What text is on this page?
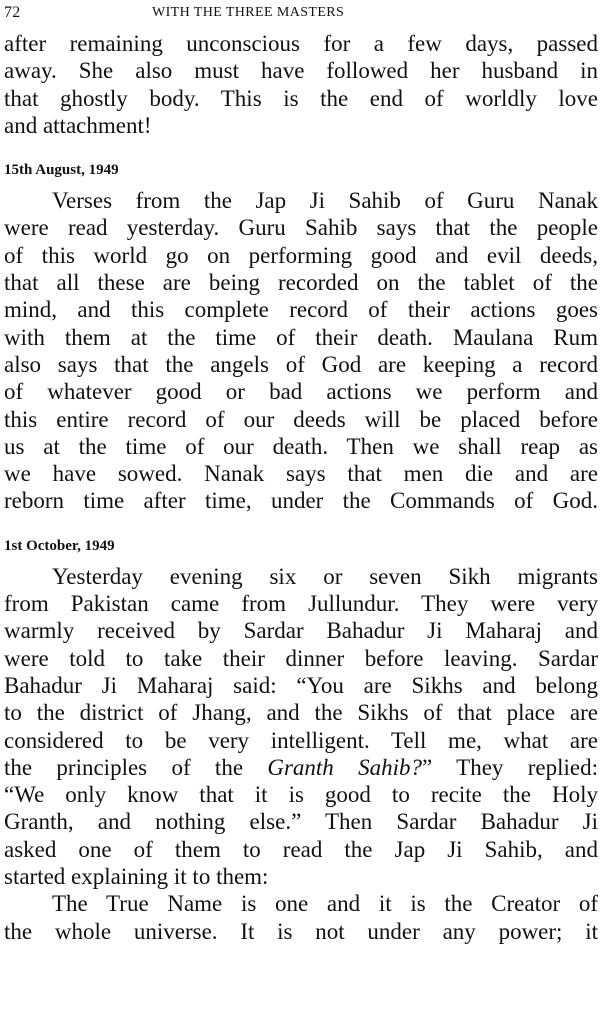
72	WITH THE THREE MASTERS
after remaining unconscious for a few days, passed
away. She also must have followed her husband in
that ghostly body. This is the end of worldly love
and attachment!
15th August, 1949
Verses from the Jap Ji Sahib of Guru Nanak
were read yesterday. Guru Sahib says that the people
of this world go on performing good and evil deeds,
that all these are being recorded on the tablet of the
mind, and this complete record of their actions goes
with them at the time of their death. Maulana Rum
also says that the angels of God are keeping a record
of whatever good or bad actions we perform and
this entire record of our deeds will be placed before
us at the time of our death. Then we shall reap as
we have sowed. Nanak says that men die and are
reborn time after time, under the Commands of God.
1st October, 1949
Yesterday evening six or seven Sikh migrants
from Pakistan came from Jullundur. They were very
warmly received by Sardar Bahadur Ji Maharaj and
were told to take their dinner before leaving. Sardar
Bahadur Ji Maharaj said: “You are Sikhs and belong
to the district of Jhang, and the Sikhs of that place are
considered to be very intelligent. Tell me, what are
the principles of the Granth Sahib?” They replied:
“We only know that it is good to recite the Holy
Granth, and nothing else.” Then Sardar Bahadur Ji
asked one of them to read the Jap Ji Sahib, and
started explaining it to them:
The True Name is one and it is the Creator of
the whole universe. It is not under any power; it
